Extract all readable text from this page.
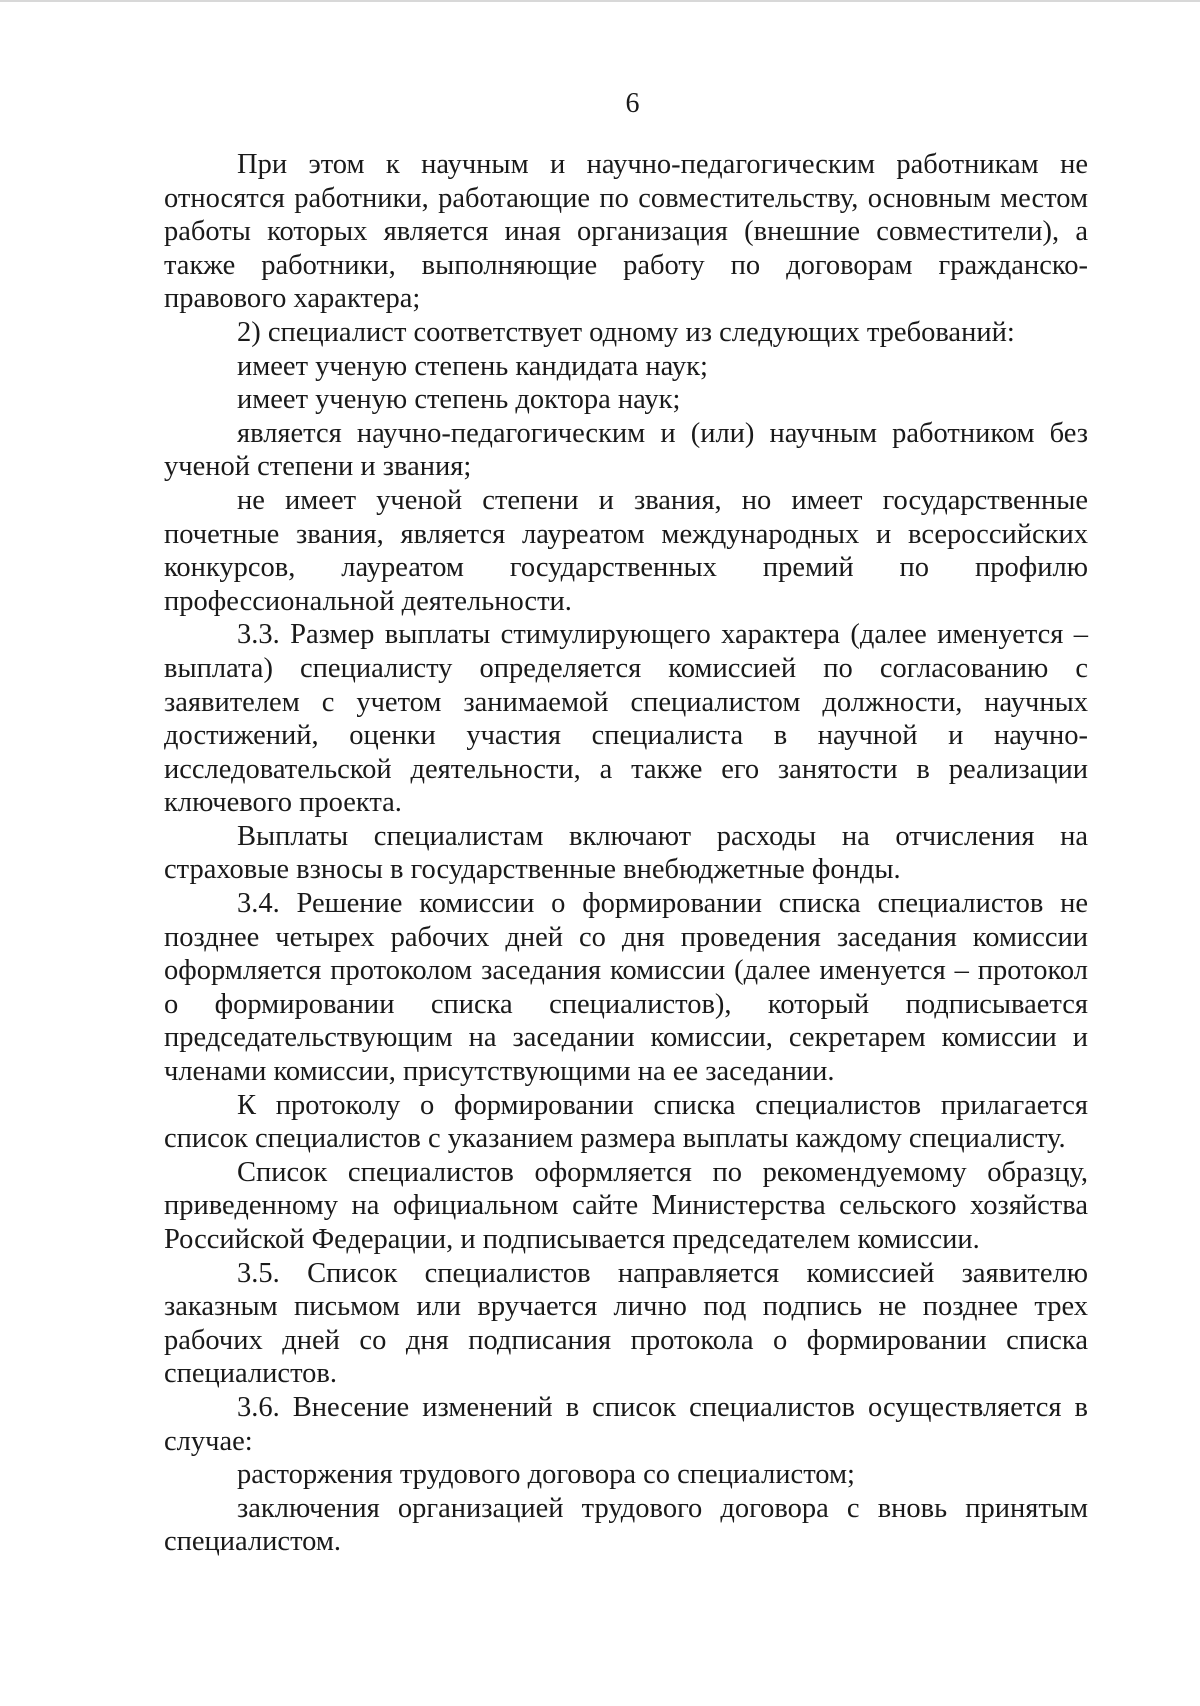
6

При этом к научным и научно-педагогическим работникам не относятся работники, работающие по совместительству, основным местом работы которых является иная организация (внешние совместители), а также работники, выполняющие работу по договорам гражданско-правового характера;

2) специалист соответствует одному из следующих требований:

имеет ученую степень кандидата наук;

имеет ученую степень доктора наук;

является научно-педагогическим и (или) научным работником без ученой степени и звания;

не имеет ученой степени и звания, но имеет государственные почетные звания, является лауреатом международных и всероссийских конкурсов, лауреатом государственных премий по профилю профессиональной деятельности.

3.3. Размер выплаты стимулирующего характера (далее именуется – выплата) специалисту определяется комиссией по согласованию с заявителем с учетом занимаемой специалистом должности, научных достижений, оценки участия специалиста в научной и научно-исследовательской деятельности, а также его занятости в реализации ключевого проекта.

Выплаты специалистам включают расходы на отчисления на страховые взносы в государственные внебюджетные фонды.

3.4. Решение комиссии о формировании списка специалистов не позднее четырех рабочих дней со дня проведения заседания комиссии оформляется протоколом заседания комиссии (далее именуется – протокол о формировании списка специалистов), который подписывается председательствующим на заседании комиссии, секретарем комиссии и членами комиссии, присутствующими на ее заседании.

К протоколу о формировании списка специалистов прилагается список специалистов с указанием размера выплаты каждому специалисту.

Список специалистов оформляется по рекомендуемому образцу, приведенному на официальном сайте Министерства сельского хозяйства Российской Федерации, и подписывается председателем комиссии.

3.5. Список специалистов направляется комиссией заявителю заказным письмом или вручается лично под подпись не позднее трех рабочих дней со дня подписания протокола о формировании списка специалистов.

3.6. Внесение изменений в список специалистов осуществляется в случае:

расторжения трудового договора со специалистом;

заключения организацией трудового договора с вновь принятым специалистом.
